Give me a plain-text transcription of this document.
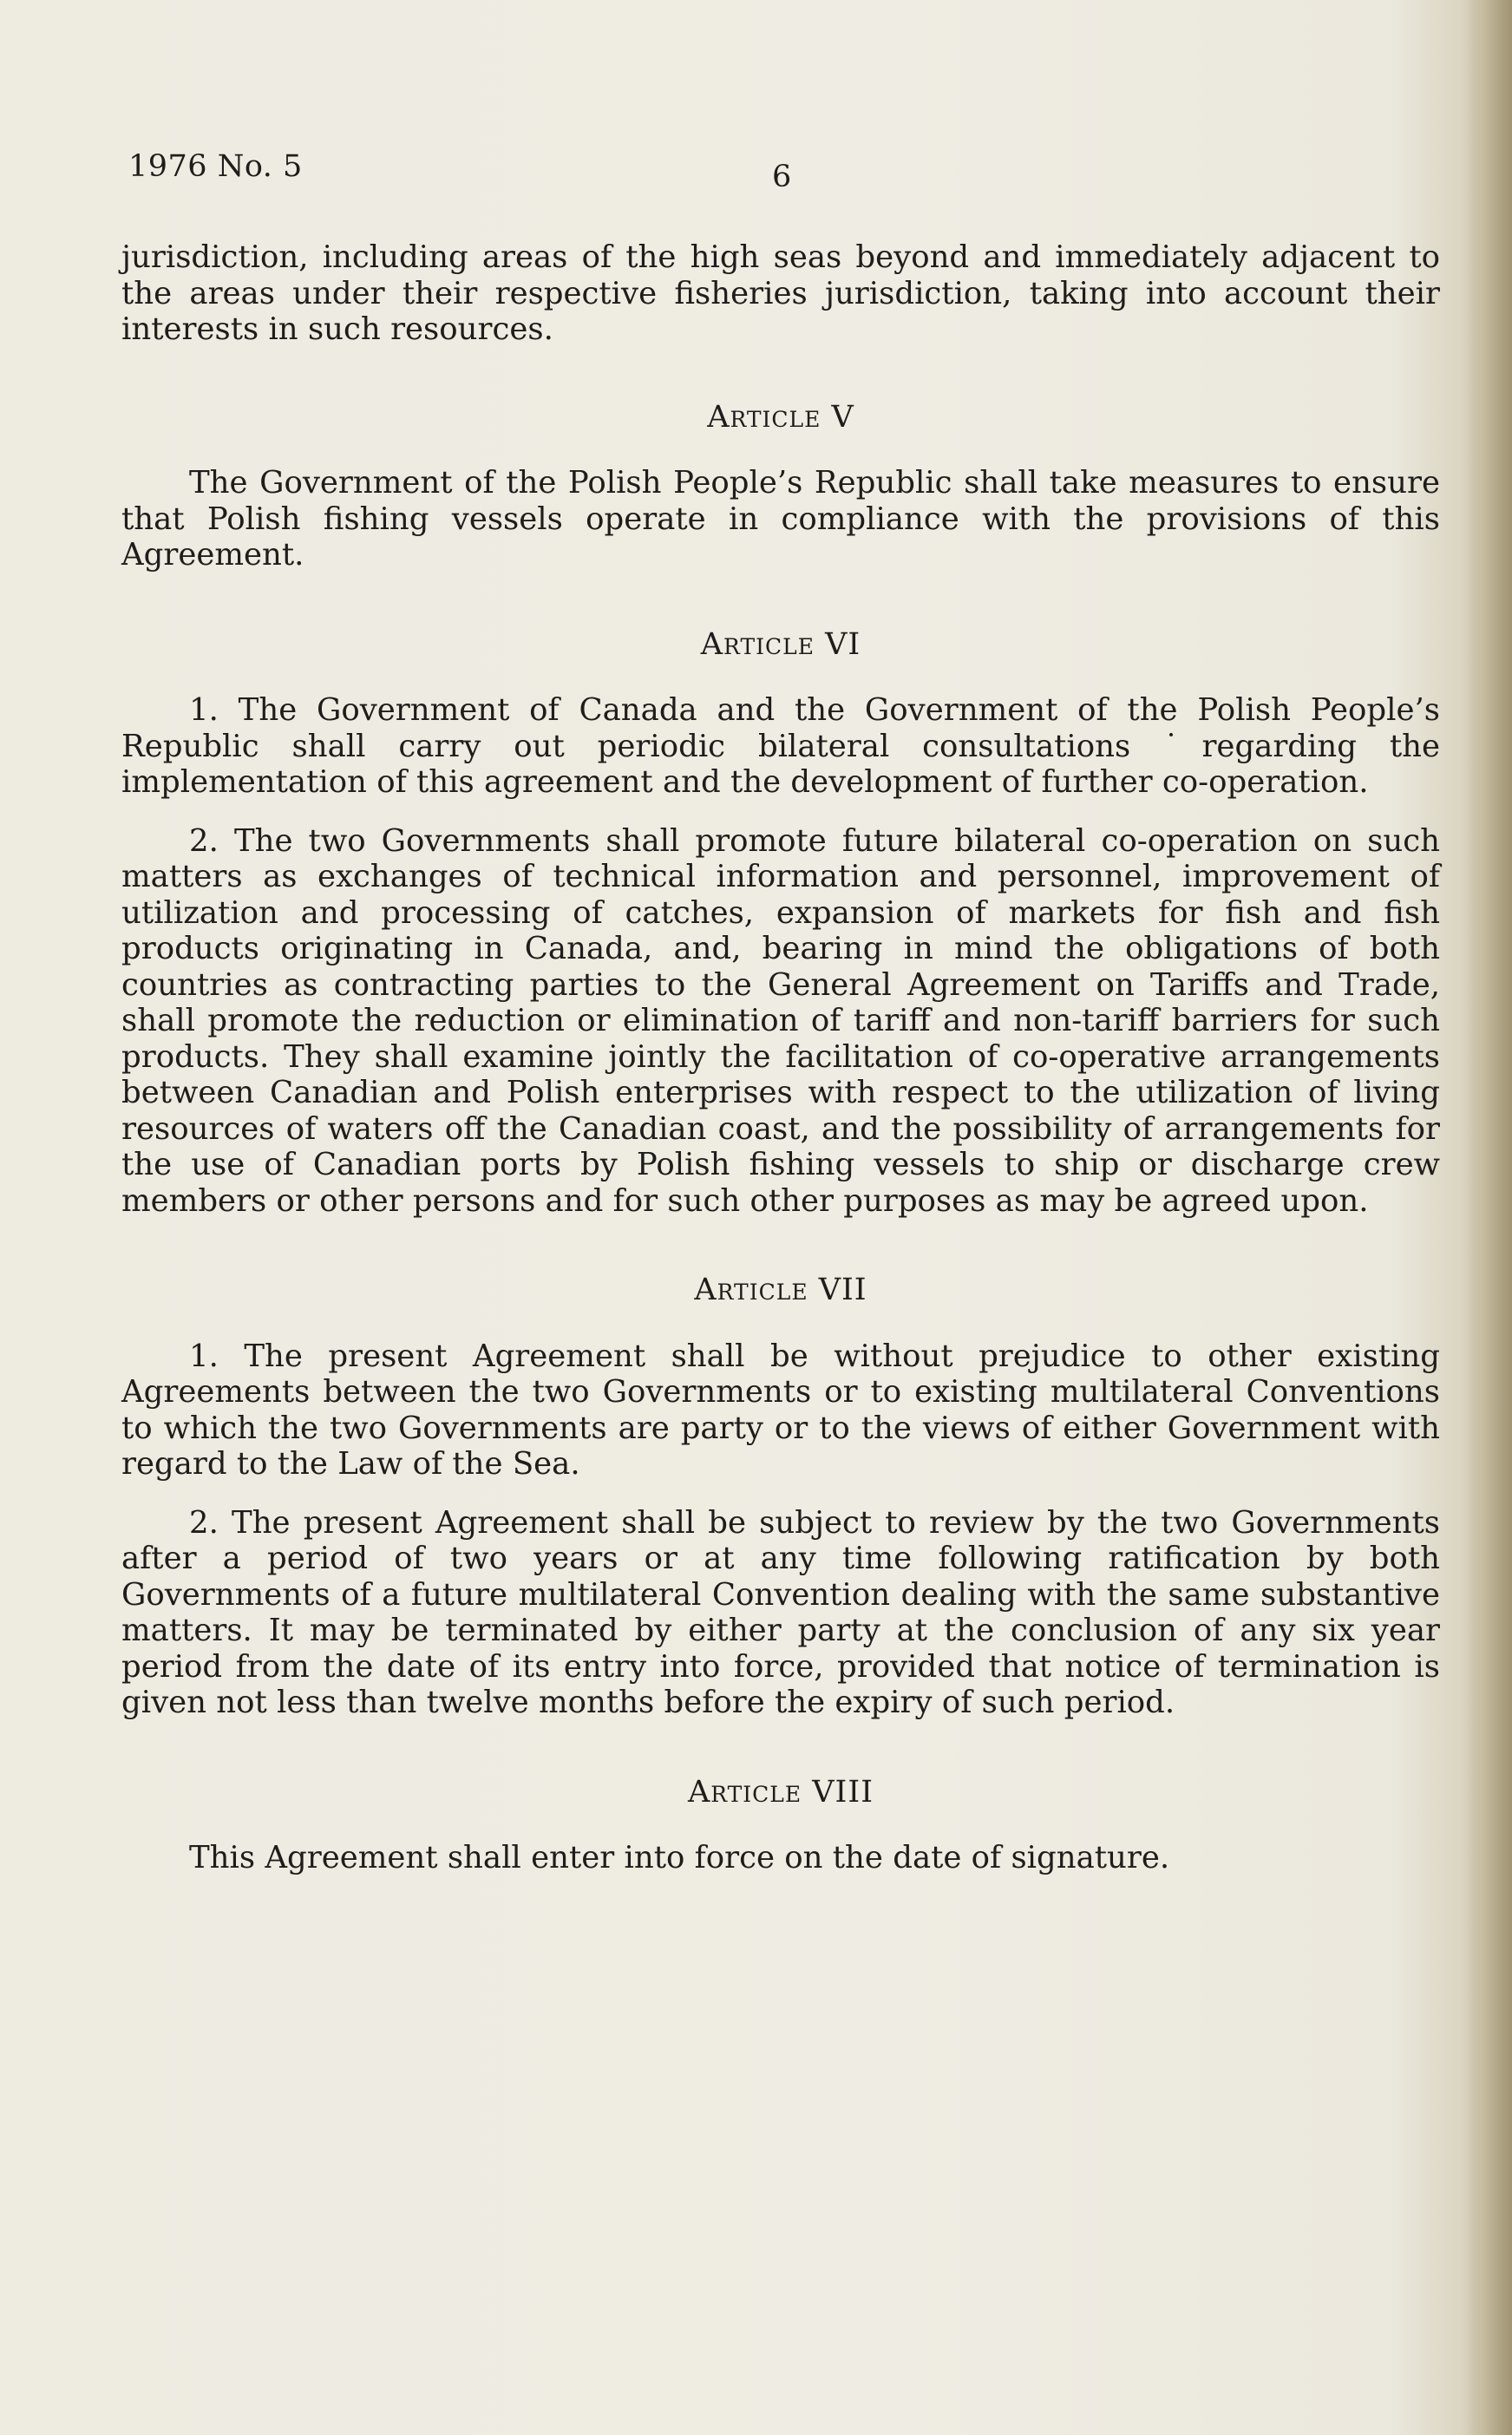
1976 No. 5	6

jurisdiction, including areas of the high seas beyond and immediately adjacent to the areas under their respective fisheries jurisdiction, taking into account their interests in such resources.

Article V

The Government of the Polish People’s Republic shall take measures to ensure that Polish fishing vessels operate in compliance with the provisions of this Agreement.

Article VI

1. The Government of Canada and the Government of the Polish People’s Republic shall carry out periodic bilateral consultations ˙regarding the implementation of this agreement and the development of further co-operation.

2. The two Governments shall promote future bilateral co-operation on such matters as exchanges of technical information and personnel, improvement of utilization and processing of catches, expansion of markets for fish and fish products originating in Canada, and, bearing in mind the obligations of both countries as contracting parties to the General Agreement on Tariffs and Trade, shall promote the reduction or elimination of tariff and non-tariff barriers for such products. They shall examine jointly the facilitation of co-operative arrangements between Canadian and Polish enterprises with respect to the utilization of living resources of waters off the Canadian coast, and the possibility of arrangements for the use of Canadian ports by Polish fishing vessels to ship or discharge crew members or other persons and for such other purposes as may be agreed upon.

Article VII

1. The present Agreement shall be without prejudice to other existing Agreements between the two Governments or to existing multilateral Conventions to which the two Governments are party or to the views of either Government with regard to the Law of the Sea.

2. The present Agreement shall be subject to review by the two Governments after a period of two years or at any time following ratification by both Governments of a future multilateral Convention dealing with the same substantive matters. It may be terminated by either party at the conclusion of any six year period from the date of its entry into force, provided that notice of termination is given not less than twelve months before the expiry of such period.

Article VIII

This Agreement shall enter into force on the date of signature.
